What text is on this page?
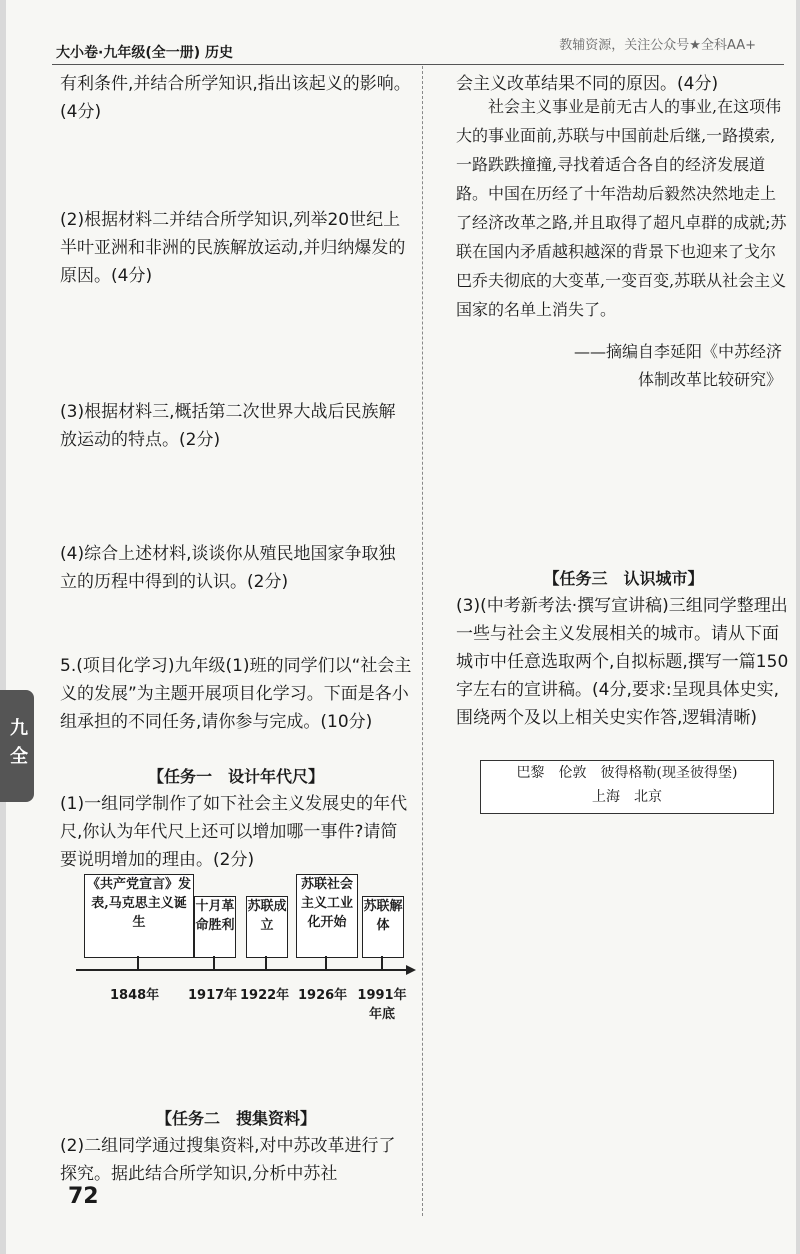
大小卷·九年级(全一册) 历史	教辅资源，关注公众号★全科AA+
有利条件,并结合所学知识,指出该起义的影响。(4分)
(2)根据材料二并结合所学知识,列举20世纪上半叶亚洲和非洲的民族解放运动,并归纳爆发的原因。(4分)
(3)根据材料三,概括第二次世界大战后民族解放运动的特点。(2分)
(4)综合上述材料,谈谈你从殖民地国家争取独立的历程中得到的认识。(2分)
5.(项目化学习)九年级(1)班的同学们以“社会主义的发展”为主题开展项目化学习。下面是各小组承担的不同任务,请你参与完成。(10分)
【任务一　设计年代尺】
(1)一组同学制作了如下社会主义发展史的年代尺,你认为年代尺上还可以增加哪一事件?请简要说明增加的理由。(2分)
《共产党宣言》发表,马克思主义诞生
十月革命胜利
苏联成立
苏联社会主义工业化开始
苏联解体
1848年 1917年 1922年 1926年 1991年年底
【任务二　搜集资料】
(2)二组同学通过搜集资料,对中苏改革进行了探究。据此结合所学知识,分析中苏社
会主义改革结果不同的原因。(4分)
社会主义事业是前无古人的事业,在这项伟大的事业面前,苏联与中国前赴后继,一路摸索,一路跌跌撞撞,寻找着适合各自的经济发展道路。中国在历经了十年浩劫后毅然决然地走上了经济改革之路,并且取得了超凡卓群的成就;苏联在国内矛盾越积越深的背景下也迎来了戈尔巴乔夫彻底的大变革,一变百变,苏联从社会主义国家的名单上消失了。
——摘编自李延阳《中苏经济
体制改革比较研究》
【任务三　认识城市】
(3)(中考新考法·撰写宣讲稿)三组同学整理出一些与社会主义发展相关的城市。请从下面城市中任意选取两个,自拟标题,撰写一篇150字左右的宣讲稿。(4分,要求:呈现具体史实,围绕两个及以上相关史实作答,逻辑清晰)
巴黎　伦敦　彼得格勒(现圣彼得堡)
上海　北京
72
九全
